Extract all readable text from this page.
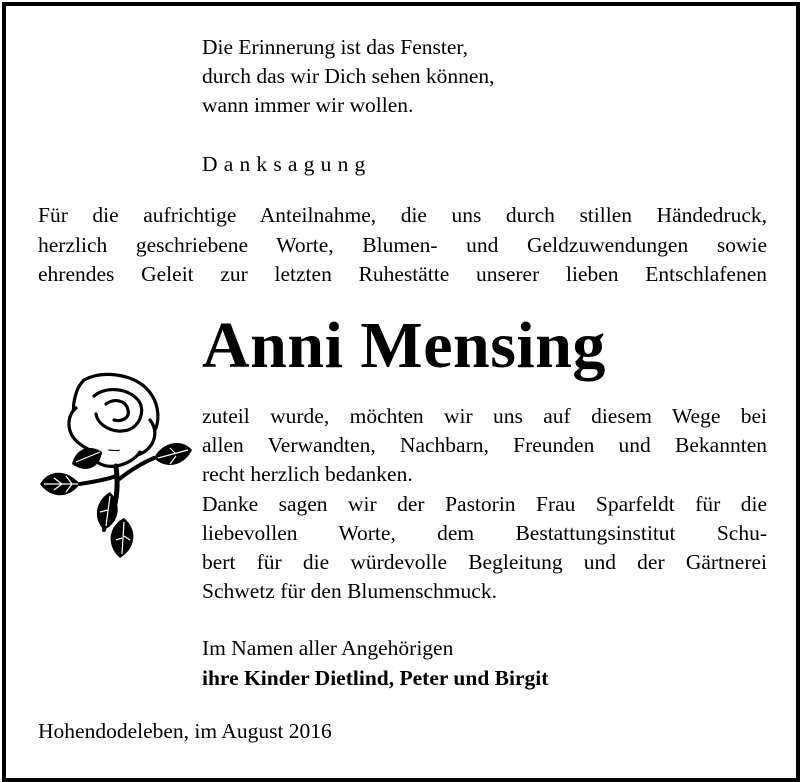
Die Erinnerung ist das Fenster,
durch das wir Dich sehen können,
wann immer wir wollen.
Danksagung
Für die aufrichtige Anteilnahme, die uns durch stillen Händedruck,
herzlich geschriebene Worte, Blumen- und Geldzuwendungen sowie
ehrendes Geleit zur letzten Ruhestätte unserer lieben Entschlafenen
Anni Mensing
zuteil wurde, möchten wir uns auf diesem Wege bei
allen Verwandten, Nachbarn, Freunden und Bekannten
recht herzlich bedanken.
Danke sagen wir der Pastorin Frau Sparfeldt für die
liebevollen Worte, dem Bestattungsinstitut Schu-
bert für die würdevolle Begleitung und der Gärtnerei
Schwetz für den Blumenschmuck.
Im Namen aller Angehörigen
ihre Kinder Dietlind, Peter und Birgit
Hohendodeleben, im August 2016
